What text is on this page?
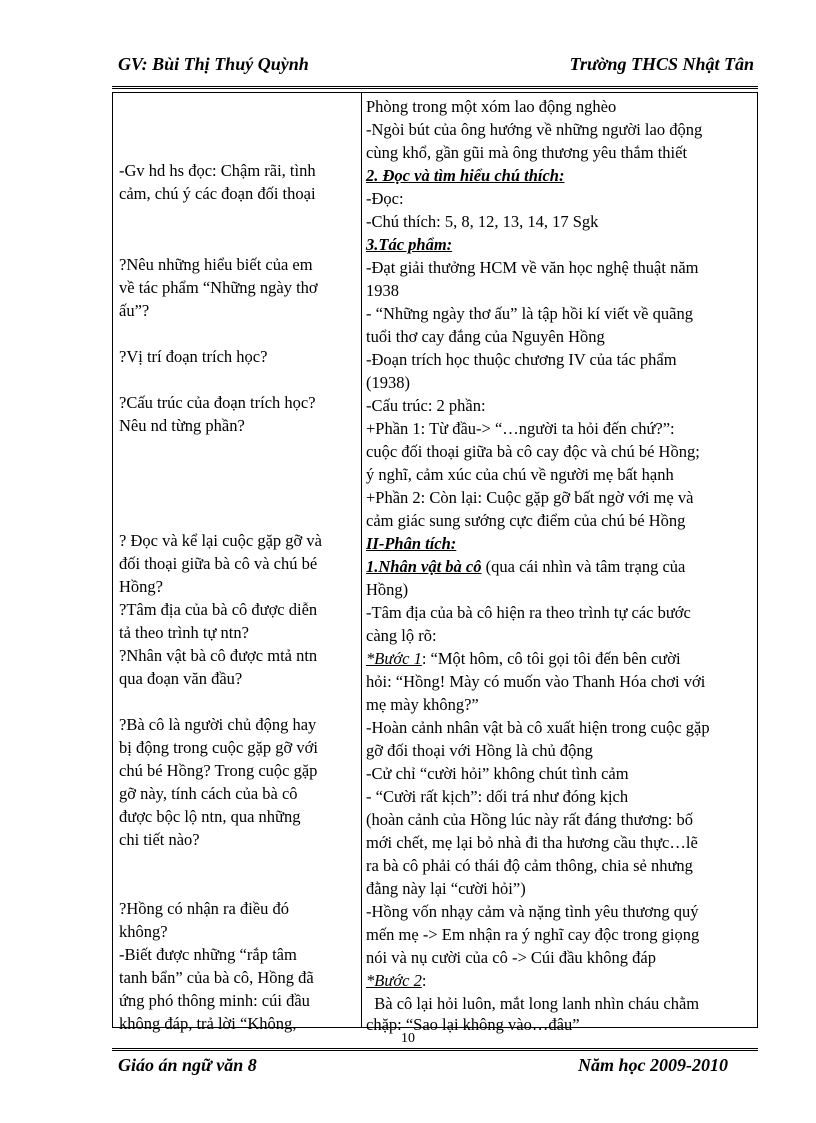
GV: Bùi Thị Thuý Quỳnh	Trường THCS Nhật Tân
-Gv hd hs đọc: Chậm rãi, tình
cảm, chú ý các đoạn đối thoại
?Nêu những hiểu biết của em
về tác phẩm “Những ngày thơ
ấu”?
?Vị trí đoạn trích học?
?Cấu trúc của đoạn trích học?
Nêu nd từng phần?
? Đọc và kể lại cuộc gặp gỡ và
đối thoại giữa bà cô và chú bé
Hồng?
?Tâm địa của bà cô được diễn
tả theo trình tự ntn?
?Nhân vật bà cô được mtả ntn
qua đoạn văn đầu?
?Bà cô là người chủ động hay
bị động trong cuộc gặp gỡ với
chú bé Hồng? Trong cuộc gặp
gỡ này, tính cách của bà cô
được bộc lộ ntn, qua những
chi tiết nào?
?Hồng có nhận ra điều đó
không?
-Biết được những “rắp tâm
tanh bẩn” của bà cô, Hồng đã
ứng phó thông minh: cúi đầu
không đáp, trả lời “Không,
Phòng trong một xóm lao động nghèo
-Ngòi bút của ông hướng về những người lao động
cùng khổ, gần gũi mà ông thương yêu thắm thiết
2. Đọc và tìm hiểu chú thích:
-Đọc:
-Chú thích: 5, 8, 12, 13, 14, 17 Sgk
3.Tác phẩm:
-Đạt giải thưởng HCM về văn học nghệ thuật năm
1938
- “Những ngày thơ ấu” là tập hồi kí viết về quãng
tuổi thơ cay đắng của Nguyên Hồng
-Đoạn trích học thuộc chương IV của tác phẩm
(1938)
-Cấu trúc: 2 phần:
+Phần 1: Từ đầu-> “…người ta hỏi đến chứ?”:
cuộc đối thoại giữa bà cô cay độc và chú bé Hồng;
ý nghĩ, cảm xúc của chú về người mẹ bất hạnh
+Phần 2: Còn lại: Cuộc gặp gỡ bất ngờ với mẹ và
cảm giác sung sướng cực điểm của chú bé Hồng
II-Phân tích:
1.Nhân vật bà cô (qua cái nhìn và tâm trạng của
Hồng)
-Tâm địa của bà cô hiện ra theo trình tự các bước
càng lộ rõ:
*Bước 1: “Một hôm, cô tôi gọi tôi đến bên cười
hỏi: “Hồng! Mày có muốn vào Thanh Hóa chơi với
mẹ mày không?”
-Hoàn cảnh nhân vật bà cô xuất hiện trong cuộc gặp
gỡ đối thoại với Hồng là chủ động
-Cử chỉ “cười hỏi” không chút tình cảm
- “Cười rất kịch”: dối trá như đóng kịch
(hoàn cảnh của Hồng lúc này rất đáng thương: bố
mới chết, mẹ lại bỏ nhà đi tha hương cầu thực…lẽ
ra bà cô phải có thái độ cảm thông, chia sẻ nhưng
đằng này lại “cười hỏi”)
-Hồng vốn nhạy cảm và nặng tình yêu thương quý
mến mẹ -> Em nhận ra ý nghĩ cay độc trong giọng
nói và nụ cười của cô -> Cúi đầu không đáp
*Bước 2:
Bà cô lại hỏi luôn, mắt long lanh nhìn cháu chằm
chặp: “Sao lại không vào…đâu”
10
Giáo án ngữ văn 8	Năm học 2009-2010
